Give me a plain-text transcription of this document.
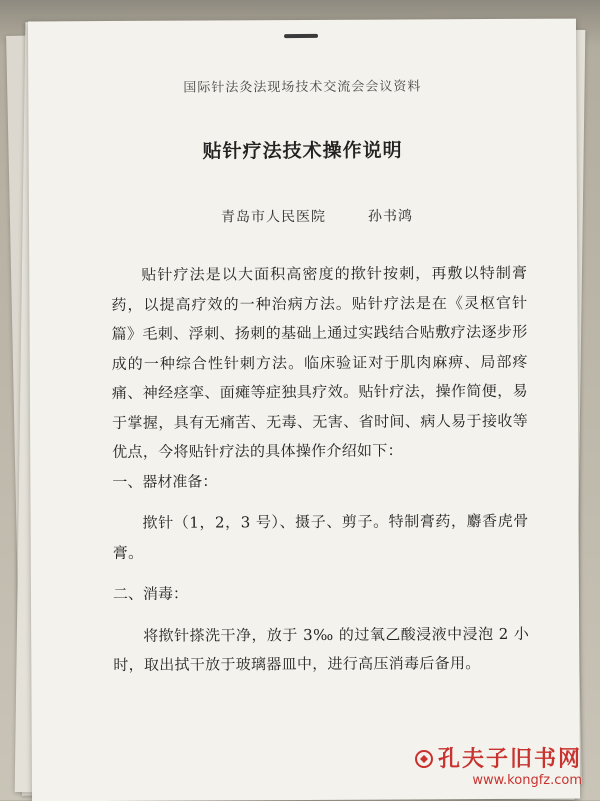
国际针法灸法现场技术交流会会议资料
贴针疗法技术操作说明
青岛市人民医院	孙书鸿

贴针疗法是以大面积高密度的揿针按刺，再敷以特制膏药，以提高疗效的一种治病方法。贴针疗法是在《灵枢官针篇》毛刺、浮刺、扬刺的基础上通过实践结合贴敷疗法逐步形成的一种综合性针刺方法。临床验证对于肌肉麻痹、局部疼痛、神经痉挛、面瘫等症独具疗效。贴针疗法，操作简便，易于掌握，具有无痛苦、无毒、无害、省时间、病人易于接收等优点，今将贴针疗法的具体操作介绍如下：

一、器材准备：

揿针（1，2，3 号）、摄子、剪子。特制膏药，麝香虎骨膏。

二、消毒：

将揿针搽洗干净，放于 3‰ 的过氧乙酸浸液中浸泡 2 小时，取出拭干放于玻璃器皿中，进行高压消毒后备用。

孔夫子旧书网
www.kongfz.com
